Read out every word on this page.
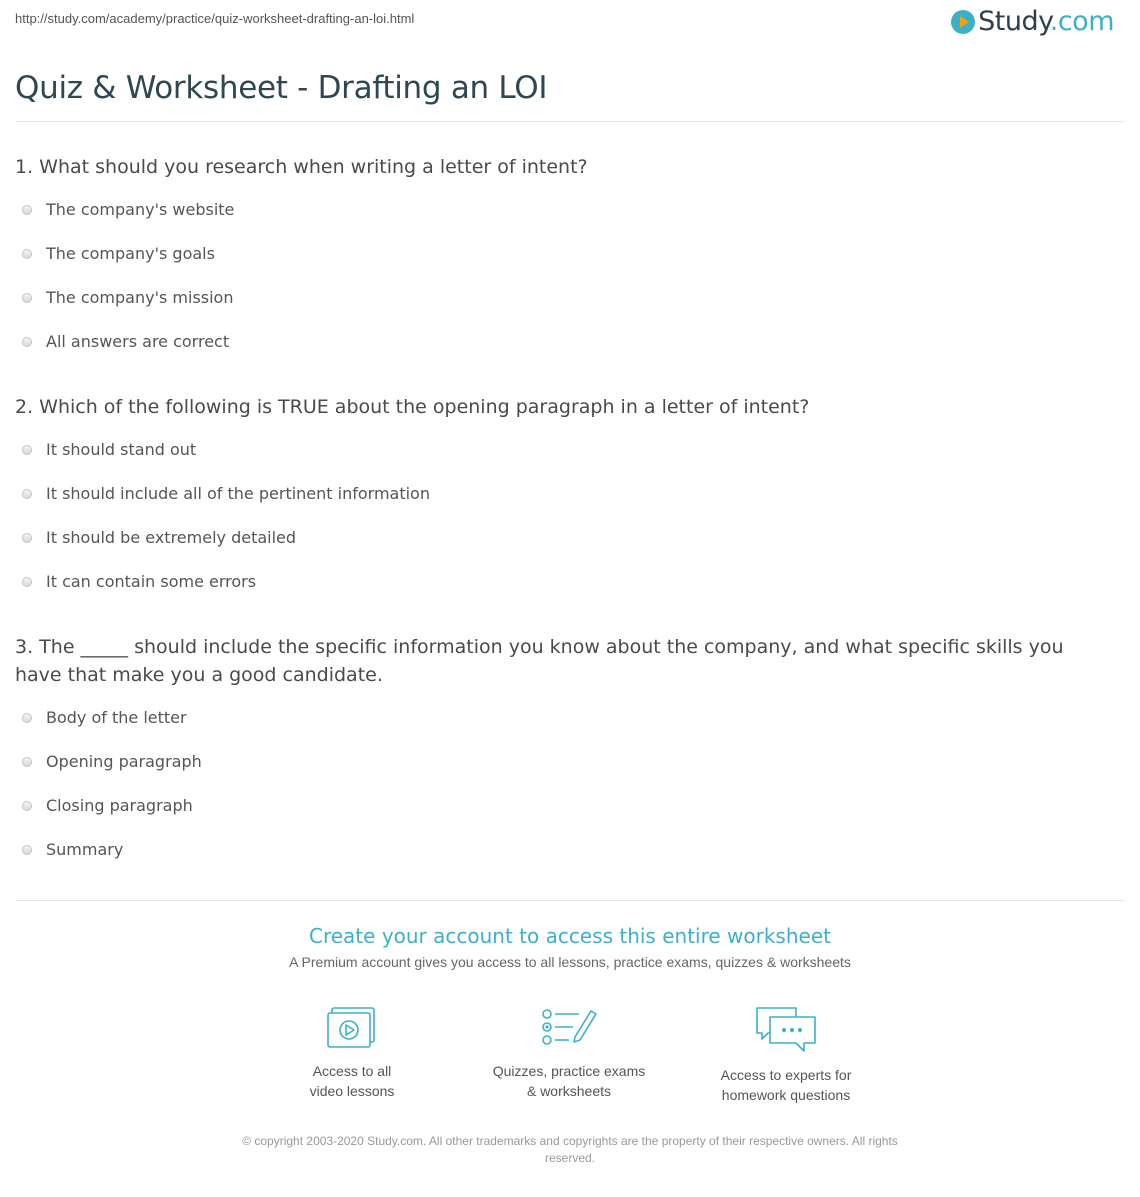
http://study.com/academy/practice/quiz-worksheet-drafting-an-loi.html	Study.com
Quiz & Worksheet - Drafting an LOI
1. What should you research when writing a letter of intent?
The company's website
The company's goals
The company's mission
All answers are correct
2. Which of the following is TRUE about the opening paragraph in a letter of intent?
It should stand out
It should include all of the pertinent information
It should be extremely detailed
It can contain some errors
3. The _____ should include the specific information you know about the company, and what specific skills you have that make you a good candidate.
Body of the letter
Opening paragraph
Closing paragraph
Summary
Create your account to access this entire worksheet
A Premium account gives you access to all lessons, practice exams, quizzes & worksheets
Access to all
video lessons
Quizzes, practice exams
& worksheets
Access to experts for
homework questions
© copyright 2003-2020 Study.com. All other trademarks and copyrights are the property of their respective owners. All rights
reserved.
